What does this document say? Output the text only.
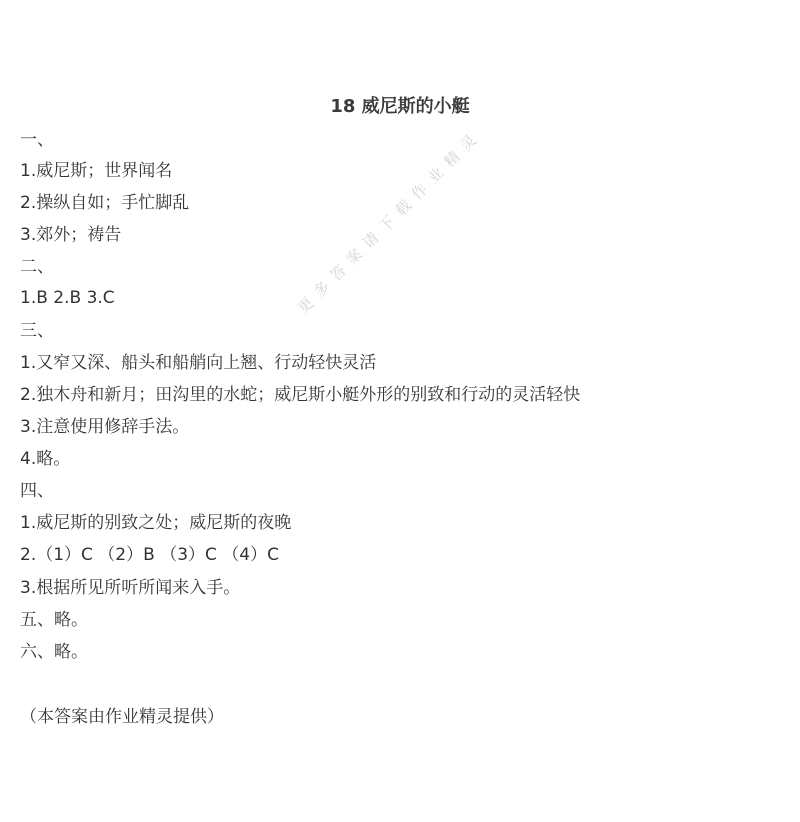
18 威尼斯的小艇
一、
1.威尼斯；世界闻名
2.操纵自如；手忙脚乱
3.郊外；祷告
二、
1.B 2.B 3.C
三、
1.又窄又深、船头和船艄向上翘、行动轻快灵活
2.独木舟和新月；田沟里的水蛇；威尼斯小艇外形的别致和行动的灵活轻快
3.注意使用修辞手法。
4.略。
四、
1.威尼斯的别致之处；威尼斯的夜晚
2.（1）C （2）B （3）C （4）C
3.根据所见所听所闻来入手。
五、略。
六、略。
（本答案由作业精灵提供）
更多答案请下载作业精灵
